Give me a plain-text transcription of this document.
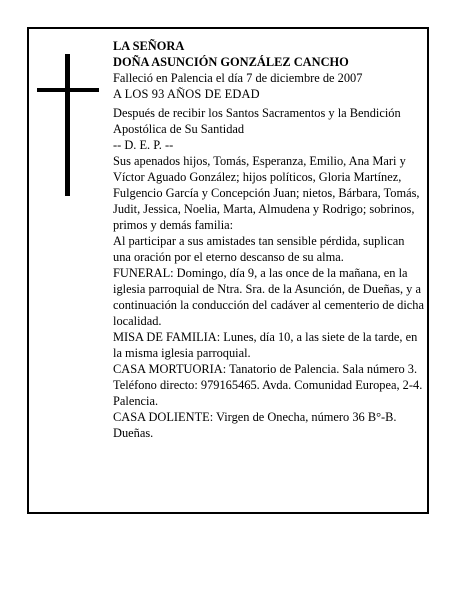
LA SEÑORA

DOÑA ASUNCIÓN GONZÁLEZ CANCHO

Falleció en Palencia el día 7 de diciembre de 2007

A LOS 93 AÑOS DE EDAD

Después de recibir los Santos Sacramentos y la Bendición Apostólica de Su Santidad

-- D. E. P. --

Sus apenados hijos, Tomás, Esperanza, Emilio, Ana Mari y Víctor Aguado González; hijos políticos, Gloria Martínez, Fulgencio García y Concepción Juan; nietos, Bárbara, Tomás, Judit, Jessica, Noelia, Marta, Almudena y Rodrigo; sobrinos, primos y demás familia:

Al participar a sus amistades tan sensible pérdida, suplican una oración por el eterno descanso de su alma.

FUNERAL: Domingo, día 9, a las once de la mañana, en la iglesia parroquial de Ntra. Sra. de la Asunción, de Dueñas, y a continuación la conducción del cadáver al cementerio de dicha localidad.

MISA DE FAMILIA: Lunes, día 10, a las siete de la tarde, en la misma iglesia parroquial.

CASA MORTUORIA: Tanatorio de Palencia. Sala número 3. Teléfono directo: 979165465. Avda. Comunidad Europea, 2-4. Palencia.

CASA DOLIENTE: Virgen de Onecha, número 36 B°-B. Dueñas.
